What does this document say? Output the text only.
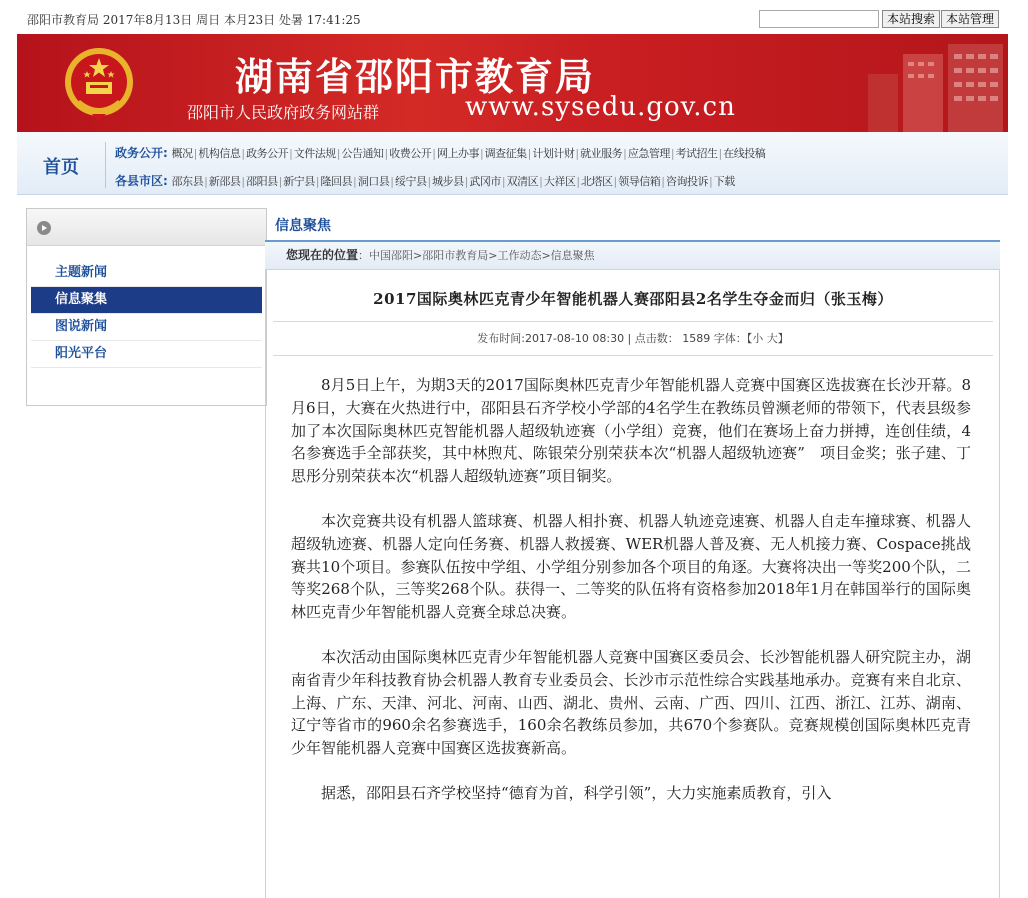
邵阳市教育局 2017年8月13日 周日 本月23日 处暑 17:41:25	本站搜索 本站管理
湖南省邵阳市教育局
邵阳市人民政府政务网站群	www.sysedu.gov.cn
首页
政务公开: 概况|机构信息|政务公开|文件法规|公告通知|收费公开|网上办事|调查征集|计划计财|就业服务|应急管理|考试招生|在线投稿
各县市区: 邵东县|新邵县|邵阳县|新宁县|隆回县|洞口县|绥宁县|城步县|武冈市|双清区|大祥区|北塔区|领导信箱|咨询投诉|下载
主题新闻
信息聚集
图说新闻
阳光平台
信息聚焦
您现在的位置：中国邵阳>邵阳市教育局>工作动态>信息聚焦
2017国际奥林匹克青少年智能机器人赛邵阳县2名学生夺金而归（张玉梅）
发布时间:2017-08-10 08:30 | 点击数： 1589 字体：【小 大】

8月5日上午，为期3天的2017国际奥林匹克青少年智能机器人竞赛中国赛区选拔赛在长沙开幕。8月6日，大赛在火热进行中，邵阳县石齐学校小学部的4名学生在教练员曾濒老师的带领下，代表县级参加了本次国际奥林匹克智能机器人超级轨迹赛（小学组）竞赛，他们在赛场上奋力拼搏，连创佳绩，4名参赛选手全部获奖，其中林煦芃、陈银荣分别荣获本次“机器人超级轨迹赛”　项目金奖；张子建、丁思彤分别荣获本次“机器人超级轨迹赛”项目铜奖。

本次竞赛共设有机器人篮球赛、机器人相扑赛、机器人轨迹竞速赛、机器人自走车撞球赛、机器人超级轨迹赛、机器人定向任务赛、机器人救援赛、WER机器人普及赛、无人机接力赛、Cospace挑战赛共10个项目。参赛队伍按中学组、小学组分别参加各个项目的角逐。大赛将决出一等奖200个队，二等奖268个队，三等奖268个队。获得一、二等奖的队伍将有资格参加2018年1月在韩国举行的国际奥林匹克青少年智能机器人竞赛全球总决赛。

本次活动由国际奥林匹克青少年智能机器人竞赛中国赛区委员会、长沙智能机器人研究院主办，湖南省青少年科技教育协会机器人教育专业委员会、长沙市示范性综合实践基地承办。竞赛有来自北京、上海、广东、天津、河北、河南、山西、湖北、贵州、云南、广西、四川、江西、浙江、江苏、湖南、辽宁等省市的960余名参赛选手，160余名教练员参加，共670个参赛队。竞赛规模创国际奥林匹克青少年智能机器人竞赛中国赛区选拔赛新高。

据悉，邵阳县石齐学校坚持“德育为首，科学引领”，大力实施素质教育，引入
